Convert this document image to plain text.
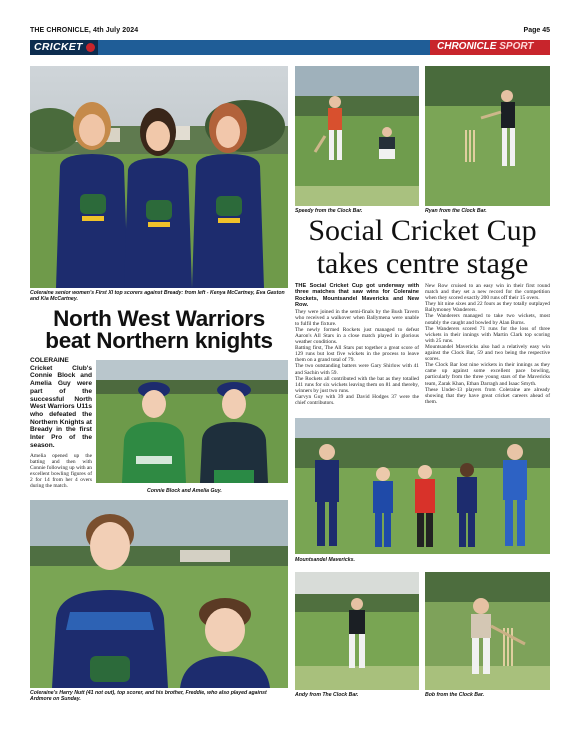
THE CHRONICLE, 4th July 2024	Page 45
CRICKET	CHRONICLE SPORT
Coleraine senior women's First XI top scorers against Bready: from left - Kenya McCartney, Eva Gaston and Kia McCartney.
North West Warriors beat Northern knights
COLERAINE Cricket Club's Connie Block and Amelia Guy were part of the successful North West Warriors U11s who defeated the Northern Knights at Bready in the first Inter Pro of the season.
Amelia opened up the batting and then with Connie following up with an excellent bowling figures of 2 for 14 from her 4 overs during the match.
Connie Block and Amelia Guy.
Coleraine's Harry Nutt (41 not out), top scorer, and his brother, Freddie, who also played against Ardmore on Sunday.
Speedy from the Clock Bar.	Ryan from the Clock Bar.
Social Cricket Cup takes centre stage
THE Social Cricket Cup got underway with three matches that saw wins for Coleraine Rockets, Mountsandel Mavericks and New Row.
They were joined in the semi-finals by the Bush Tavern who received a walkover when Ballymena were unable to fulfil the fixture.
The newly formed Rockets just managed to defeat Aaron's All Stars in a close match played in glorious weather conditions.
Batting first, The All Stars put together a great score of 129 runs but lost five wickets in the process to leave them on a grand total of 79.
The two outstanding batters were Gary Shirlow with 41 and Sachin with 59.
The Rockets all contributed with the bat as they totalled 141 runs for six wickets leaving them on 81 and thereby, winners by just two runs.
Garvyn Guy with 39 and David Hodges 37 were the chief contributors.
New Row cruised to an easy win in their first round match and they set a new record for the competition when they scored exactly 200 runs off their 15 overs.
They hit nine sixes and 22 fours as they totally outplayed Ballymoney Wanderers.
The Wanderers managed to take two wickets, most notably the caught and bowled by Alan Burns.
The Wanderers scored 71 runs for the loss of three wickets in their innings with Martin Clark top scoring with 25 runs.
Mountsandel Mavericks also had a relatively easy win against the Clock Bar, 59 and two being the respective scores.
The Clock Bar lost nine wickets in their innings as they came up against some excellent pace bowling, particularly from the three young stars of the Mavericks team, Zarak Khan, Ethan Darragh and Isaac Smyth.
These Under-13 players from Coleraine are already showing that they have great cricket careers ahead of them.
Mountsandel Mavericks.
Andy from The Clock Bar.	Bob from the Clock Bar.
